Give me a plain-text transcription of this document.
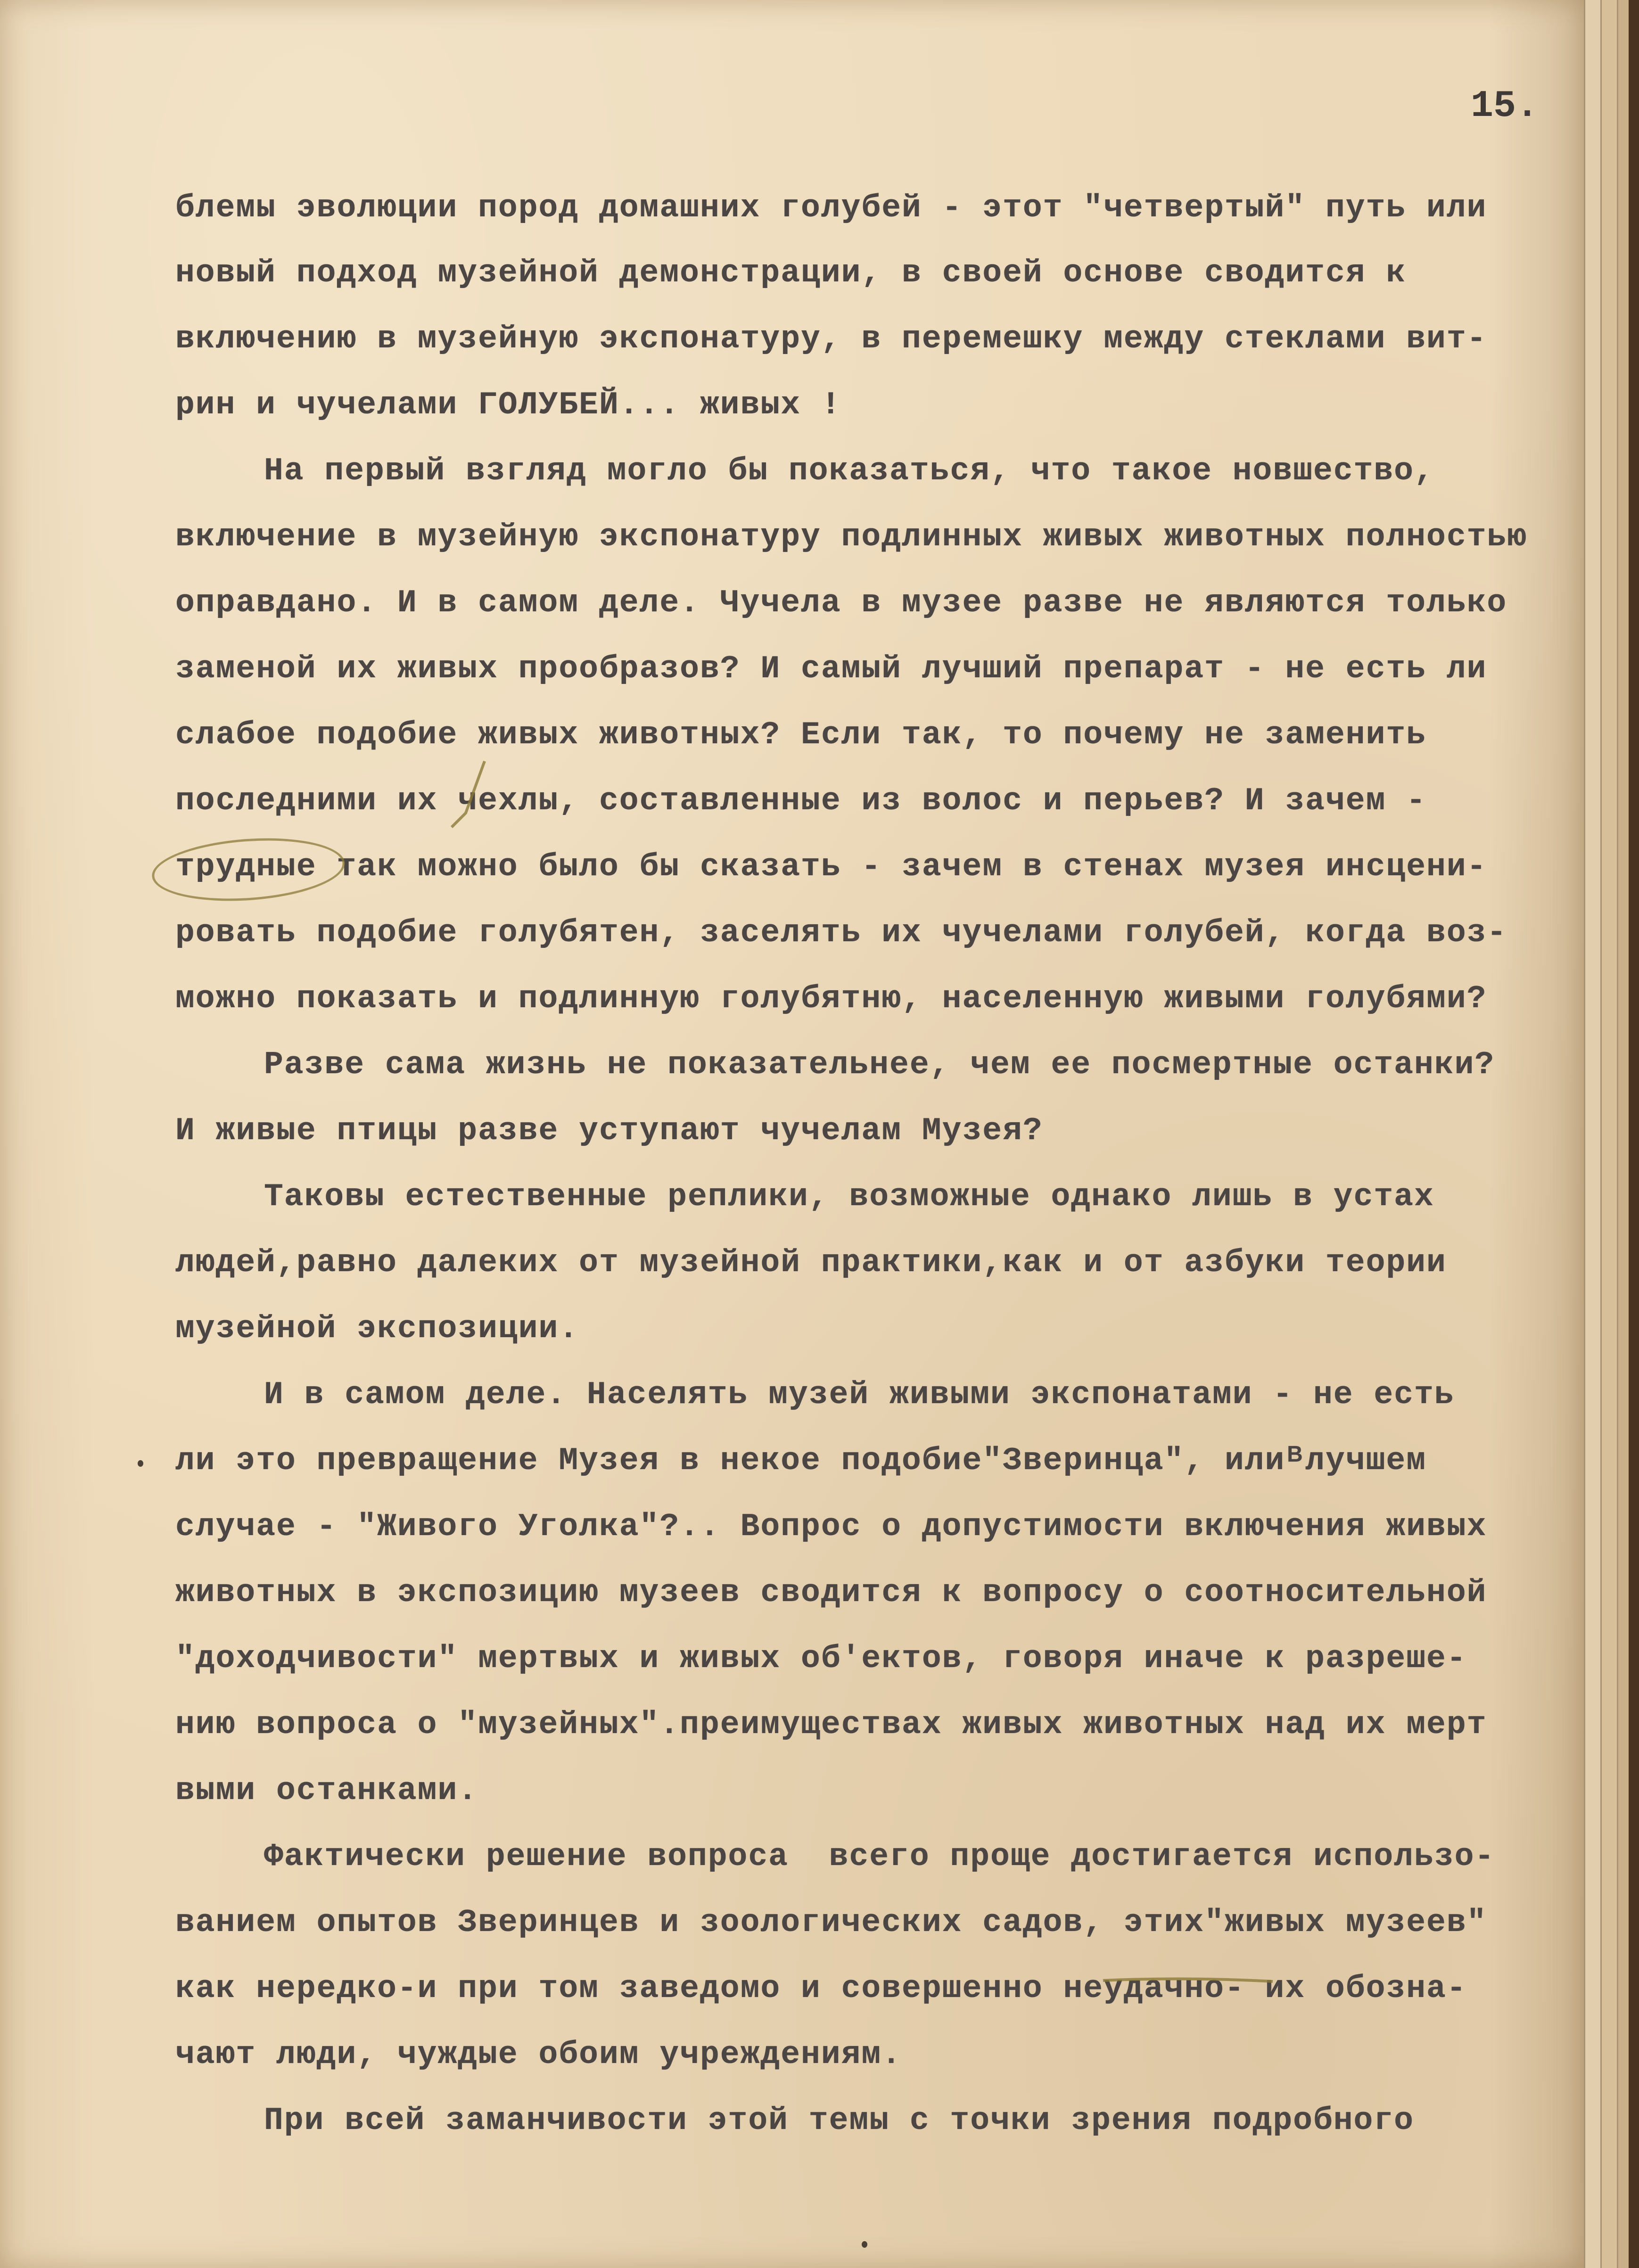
15.
блемы эволюции пород домашних голубей - этот "четвертый" путь или
новый подход музейной демонстрации, в своей основе сводится к
включению в музейную экспонатуру, в перемешку между стеклами вит-
рин и чучелами ГОЛУБЕЙ... живых !
На первый взгляд могло бы показаться, что такое новшество,
включение в музейную экспонатуру подлинных живых животных полностью
оправдано. И в самом деле. Чучела в музее разве не являются только
заменой их живых прообразов? И самый лучший препарат - не есть ли
слабое подобие живых животных? Если так, то почему не заменить
последними их чехлы, составленные из волос и перьев? И зачем -
трудные так можно было бы сказать - зачем в стенах музея инсцени-
ровать подобие голубятен, заселять их чучелами голубей, когда воз-
можно показать и подлинную голубятню, населенную живыми голубями?
Разве сама жизнь не показательнее, чем ее посмертные останки?
И живые птицы разве уступают чучелам Музея?
Таковы естественные реплики, возможные однако лишь в устах
людей,равно далеких от музейной практики,как и от азбуки теории
музейной экспозиции.
И в самом деле. Населять музей живыми экспонатами - не есть
ли это превращение Музея в некое подобие"Зверинца", илиᴮлучшем
случае - "Живого Уголка"?.. Вопрос о допустимости включения живых
животных в экспозицию музеев сводится к вопросу о соотносительной
"доходчивости" мертвых и живых об'ектов, говоря иначе к разреше-
нию вопроса о "музейных".преимуществах живых животных над их мерт
выми останками.
Фактически решение вопроса  всего проще достигается использо-
ванием опытов Зверинцев и зоологических садов, этих"живых музеев"
как нередко-и при том заведомо и совершенно неудачно- их обозна-
чают люди, чуждые обоим учреждениям.
При всей заманчивости этой темы с точки зрения подробного
